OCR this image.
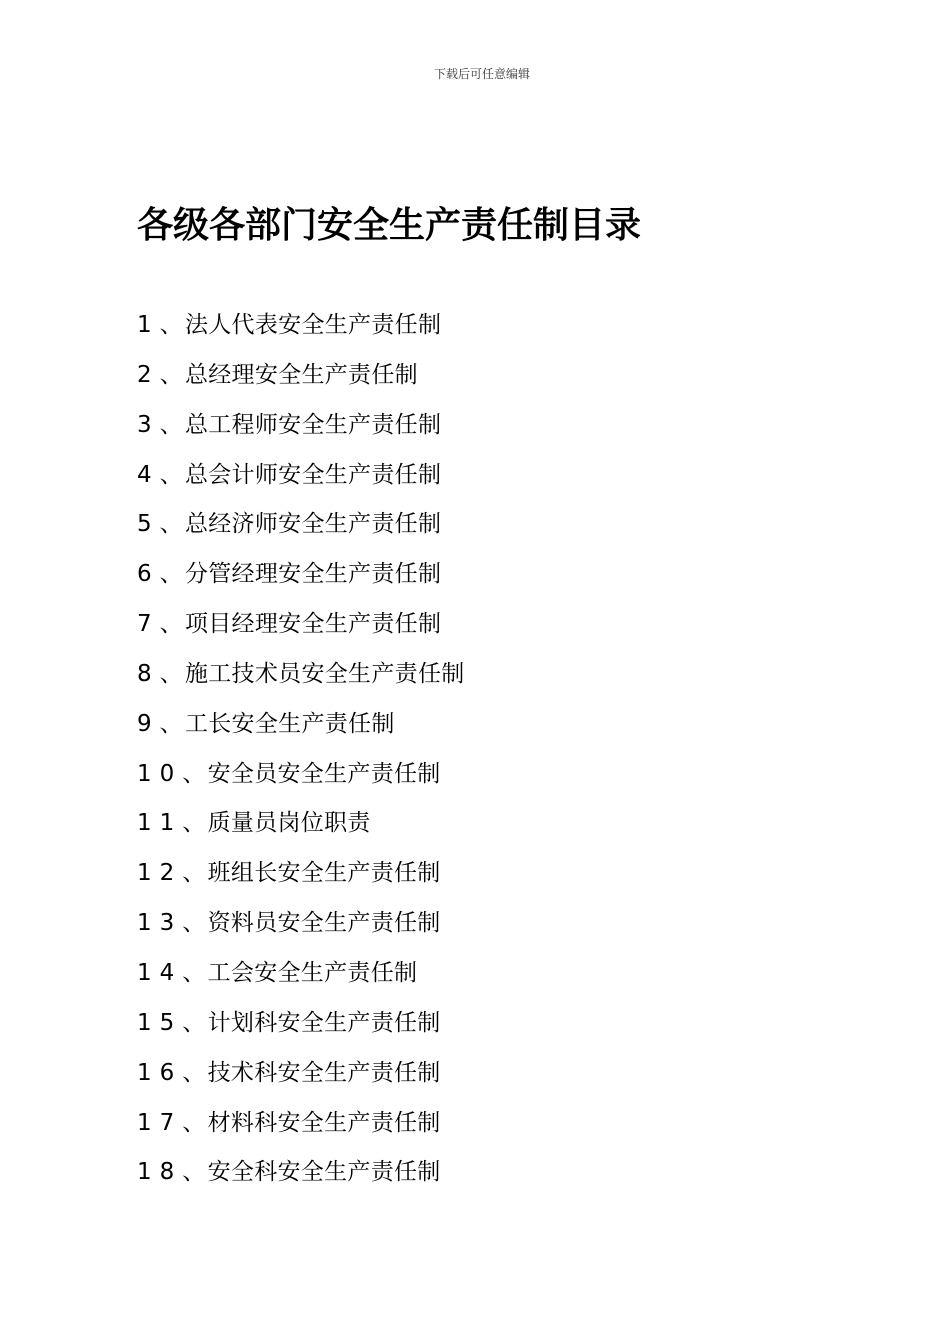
下载后可任意编辑
各级各部门安全生产责任制目录
1、法人代表安全生产责任制
2、总经理安全生产责任制
3、总工程师安全生产责任制
4、总会计师安全生产责任制
5、总经济师安全生产责任制
6、分管经理安全生产责任制
7、项目经理安全生产责任制
8、施工技术员安全生产责任制
9、工长安全生产责任制
10、安全员安全生产责任制
11、质量员岗位职责
12、班组长安全生产责任制
13、资料员安全生产责任制
14、工会安全生产责任制
15、计划科安全生产责任制
16、技术科安全生产责任制
17、材料科安全生产责任制
18、安全科安全生产责任制
